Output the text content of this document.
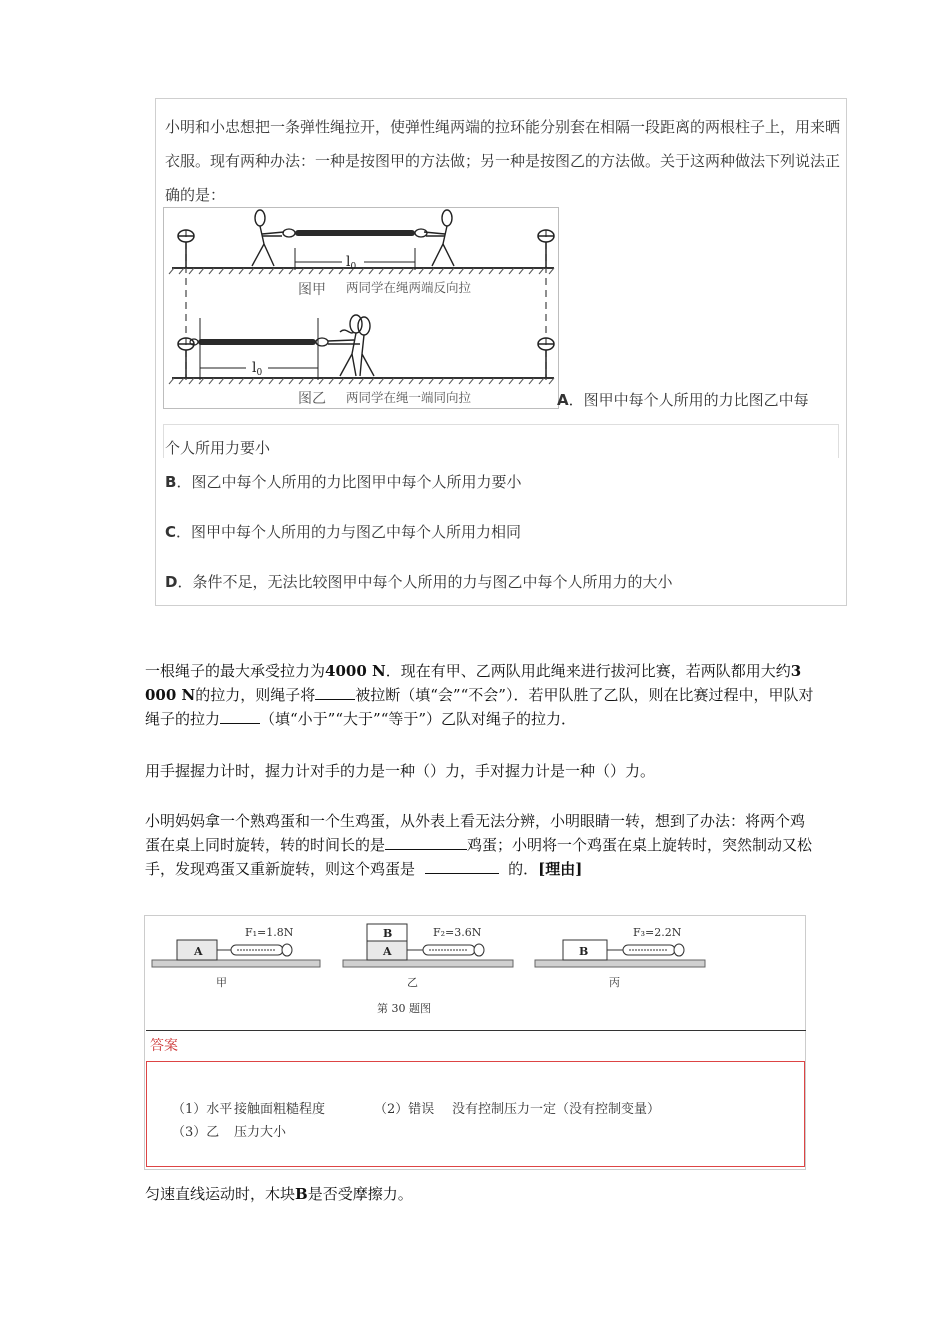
小明和小忠想把一条弹性绳拉开，使弹性绳两端的拉环能分别套在相隔一段距离的两根柱子上，用来晒衣服。现有两种办法：一种是按图甲的方法做；另一种是按图乙的方法做。关于这两种做法下列说法正确的是：
$l_0$
图甲 两同学在绳两端反向拉
$l_0$
图乙 两同学在绳一端同向拉	A．图甲中每个人所用的力比图乙中每
个人所用力要小
B．图乙中每个人所用的力比图甲中每个人所用力要小
C．图甲中每个人所用的力与图乙中每个人所用力相同
D．条件不足，无法比较图甲中每个人所用的力与图乙中每个人所用力的大小
一根绳子的最大承受拉力为4000 N．现在有甲、乙两队用此绳来进行拔河比赛，若两队都用大约3 000 N的拉力，则绳子将	被拉断（填“会”“不会”）．若甲队胜了乙队，则在比赛过程中，甲队对绳子的拉力	（填“小于”“大于”“等于”）乙队对绳子的拉力．
用手握握力计时，握力计对手的力是一种（）力，手对握力计是一种（）力。
小明妈妈拿一个熟鸡蛋和一个生鸡蛋，从外表上看无法分辨，小明眼睛一转，想到了办法：将两个鸡蛋在桌上同时旋转，转的时间长的是	鸡蛋；小明将一个鸡蛋在桌上旋转时，突然制动又松手，发现鸡蛋又重新旋转，则这个鸡蛋是	的．[理由]
A
F₁=1.8N
甲
B
A
F₂=3.6N
乙
B
F₃=2.2N
丙
第 30 题图
答案
（1）水平 接触面粗糙程度	（2）错误 没有控制压力一定（没有控制变量）
（3）乙 压力大小
匀速直线运动时，木块B是否受摩擦力。
